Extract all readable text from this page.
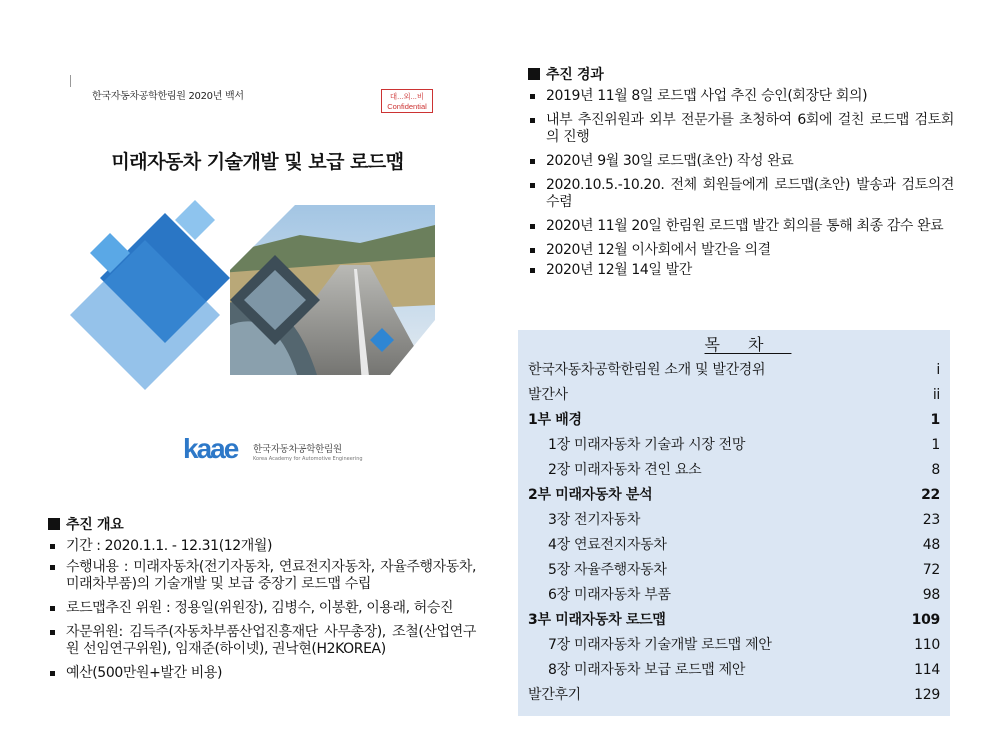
한국자동차공학한림원 2020년 백서	대...외...비
Confidential
미래자동차 기술개발 및 보급 로드맵
kaae 한국자동차공학한림원
Korea Academy for Automotive Engineering
추진 경과
2019년 11월 8일 로드맵 사업 추진 승인(회장단 회의)
내부 추진위원과 외부 전문가를 초청하여 6회에 걸친 로드맵 검토회의 진행
2020년 9월 30일 로드맵(초안) 작성 완료
2020.10.5.-10.20. 전체 회원들에게 로드맵(초안) 발송과 검토의견 수렴
2020년 11월 20일 한림원 로드맵 발간 회의를 통해 최종 감수 완료
2020년 12월 이사회에서 발간을 의결
2020년 12월 14일 발간
추진 개요
기간 : 2020.1.1. - 12.31(12개월)
수행내용 : 미래자동차(전기자동차, 연료전지자동차, 자율주행자동차, 미래차부품)의 기술개발 및 보급 중장기 로드맵 수립
로드맵추진 위원 : 정용일(위원장), 김병수, 이봉환, 이용래, 허승진
자문위원: 김득주(자동차부품산업진흥재단 사무총장), 조철(산업연구원 선임연구위원), 임재준(하이넷), 권낙현(H2KOREA)
예산(500만원+발간 비용)
목차
한국자동차공학한림원 소개 및 발간경위	i
발간사	ii
1부 배경	1
1장 미래자동차 기술과 시장 전망	1
2장 미래자동차 견인 요소	8
2부 미래자동차 분석	22
3장 전기자동차	23
4장 연료전지자동차	48
5장 자율주행자동차	72
6장 미래자동차 부품	98
3부 미래자동차 로드맵	109
7장 미래자동차 기술개발 로드맵 제안	110
8장 미래자동차 보급 로드맵 제안	114
발간후기	129
